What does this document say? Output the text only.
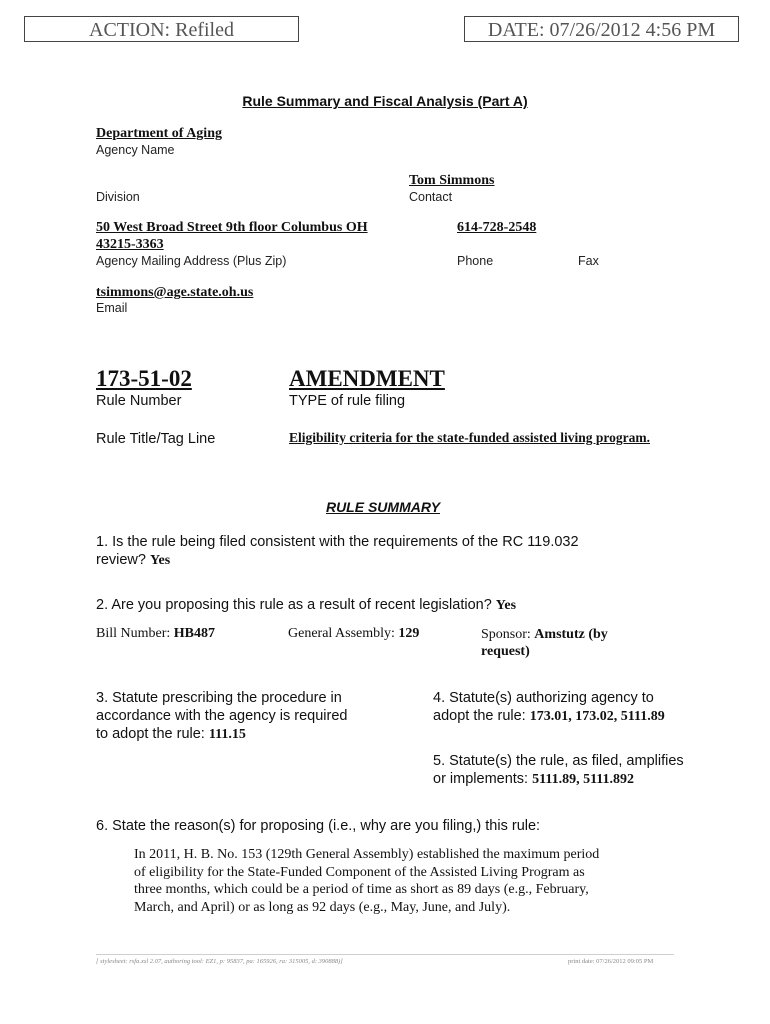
ACTION: Refiled	DATE: 07/26/2012 4:56 PM
Rule Summary and Fiscal Analysis (Part A)
Department of Aging
Agency Name
Tom Simmons
Division	Contact
50 West Broad Street 9th floor Columbus OH
43215-3363
614-728-2548
Agency Mailing Address (Plus Zip)	Phone	Fax
tsimmons@age.state.oh.us
Email
173-51-02	AMENDMENT
Rule Number	TYPE of rule filing
Rule Title/Tag Line	Eligibility criteria for the state-funded assisted living program.
RULE SUMMARY
1. Is the rule being filed consistent with the requirements of the RC 119.032
review? Yes
2. Are you proposing this rule as a result of recent legislation? Yes
Bill Number: HB487	General Assembly: 129	Sponsor: Amstutz (by
request)
3. Statute prescribing the procedure in
accordance with the agency is required
to adopt the rule: 111.15
4. Statute(s) authorizing agency to
adopt the rule: 173.01, 173.02, 5111.89
5. Statute(s) the rule, as filed, amplifies
or implements: 5111.89, 5111.892
6. State the reason(s) for proposing (i.e., why are you filing,) this rule:
In 2011, H. B. No. 153 (129th General Assembly) established the maximum period
of eligibility for the State-Funded Component of the Assisted Living Program as
three months, which could be a period of time as short as 89 days (e.g., February,
March, and April) or as long as 92 days (e.g., May, June, and July).
[ stylesheet: rsfa.xsl 2.07, authoring tool: EZ1, p: 95837, pa: 165926, ra: 315005, d: 390888)]	print date: 07/26/2012 09:05 PM
